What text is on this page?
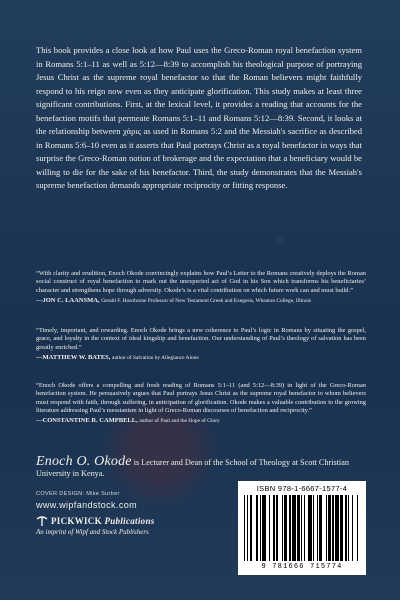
This book provides a close look at how Paul uses the Greco-Roman royal benefaction system in Romans 5:1–11 as well as 5:12—8:39 to accomplish his theological purpose of portraying Jesus Christ as the supreme royal benefactor so that the Roman believers might faithfully respond to his reign now even as they anticipate glorification. This study makes at least three significant contributions. First, at the lexical level, it provides a reading that accounts for the benefaction motifs that permeate Romans 5:1–11 and Romans 5:12—8:39. Second, it looks at the relationship between χάρις as used in Romans 5:2 and the Messiah's sacrifice as described in Romans 5:6–10 even as it asserts that Paul portrays Christ as a royal benefactor in ways that surprise the Greco-Roman notion of brokerage and the expectation that a beneficiary would be willing to die for the sake of his benefactor. Third, the study demonstrates that the Messiah's supreme benefaction demands appropriate reciprocity or fitting response.

“With clarity and erudition, Enoch Okode convincingly explains how Paul’s Letter to the Romans creatively deploys the Roman social construct of royal benefaction to mark out the unexpected act of God in his Son which transforms his beneficiaries’ character and strengthens hope through adversity. Okode’s is a vital contribution on which future work can and must build.”

—JON C. LAANSMA, Gerald F. Hawthorne Professor of New Testament Greek and Exegesis, Wheaton College, Illinois

“Timely, important, and rewarding. Enoch Okode brings a new coherence to Paul’s logic in Romans by situating the gospel, grace, and loyalty in the context of ideal kingship and benefaction. Our understanding of Paul’s theology of salvation has been greatly enriched.”

—MATTHEW W. BATES, author of Salvation by Allegiance Alone

“Enoch Okode offers a compelling and fresh reading of Romans 5:1–11 (and 5:12—8:39) in light of the Greco-Roman benefaction system. He persuasively argues that Paul portrays Jesus Christ as the supreme royal benefactor to whom believers must respond with faith, through suffering, in anticipation of glorification. Okode makes a valuable contribution to the growing literature addressing Paul’s messianism in light of Greco-Roman discourses of benefaction and reciprocity.”

—CONSTANTINE R. CAMPBELL, author of Paul and the Hope of Glory
Enoch O. Okode is Lecturer and Dean of the School of Theology at Scott Christian University in Kenya.
COVER DESIGN: Mike Surber
www.wipfandstock.com
PICKWICK Publications
An imprint of Wipf and Stock Publishers
ISBN 978-1-6667-1577-4
9 781666 715774
